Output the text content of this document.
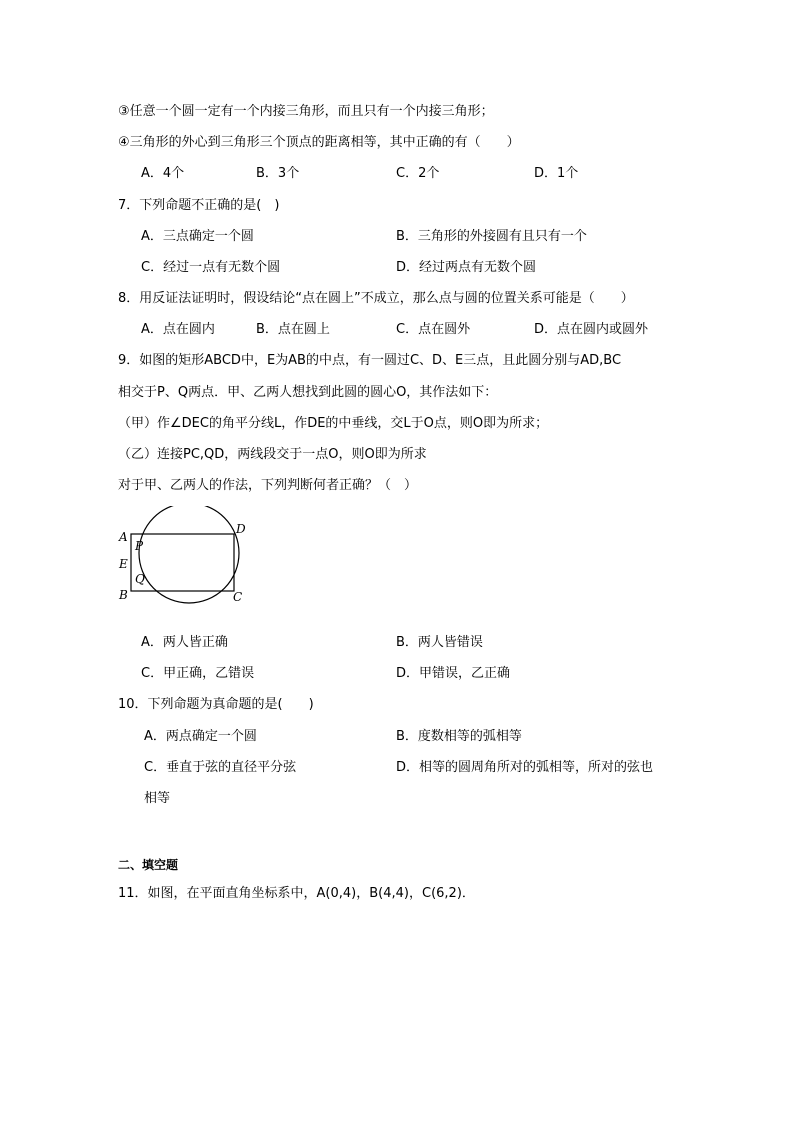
③任意一个圆一定有一个内接三角形，而且只有一个内接三角形；
④三角形的外心到三角形三个顶点的距离相等，其中正确的有（　　）
A．4个	B．3个	C．2个	D．1个
7．下列命题不正确的是(　)
A．三点确定一个圆	B．三角形的外接圆有且只有一个
C．经过一点有无数个圆	D．经过两点有无数个圆
8．用反证法证明时，假设结论“点在圆上”不成立，那么点与圆的位置关系可能是（　　）
A．点在圆内	B．点在圆上	C．点在圆外	D．点在圆内或圆外
9．如图的矩形ABCD中，E为AB的中点，有一圆过C、D、E三点，且此圆分别与AD,BC
相交于P、Q两点．甲、乙两人想找到此圆的圆心O，其作法如下：
（甲）作∠DEC的角平分线L，作DE的中垂线，交L于O点，则O即为所求；
（乙）连接PC,QD，两线段交于一点O，则O即为所求
对于甲、乙两人的作法，下列判断何者正确？（　）
A
P
D
E
Q
B	C
A．两人皆正确	B．两人皆错误
C．甲正确，乙错误	D．甲错误，乙正确
10．下列命题为真命题的是(　　)
A．两点确定一个圆	B．度数相等的弧相等
C．垂直于弦的直径平分弦	D．相等的圆周角所对的弧相等，所对的弦也
相等
二、填空题
11．如图，在平面直角坐标系中，A(0,4)，B(4,4)，C(6,2)．
